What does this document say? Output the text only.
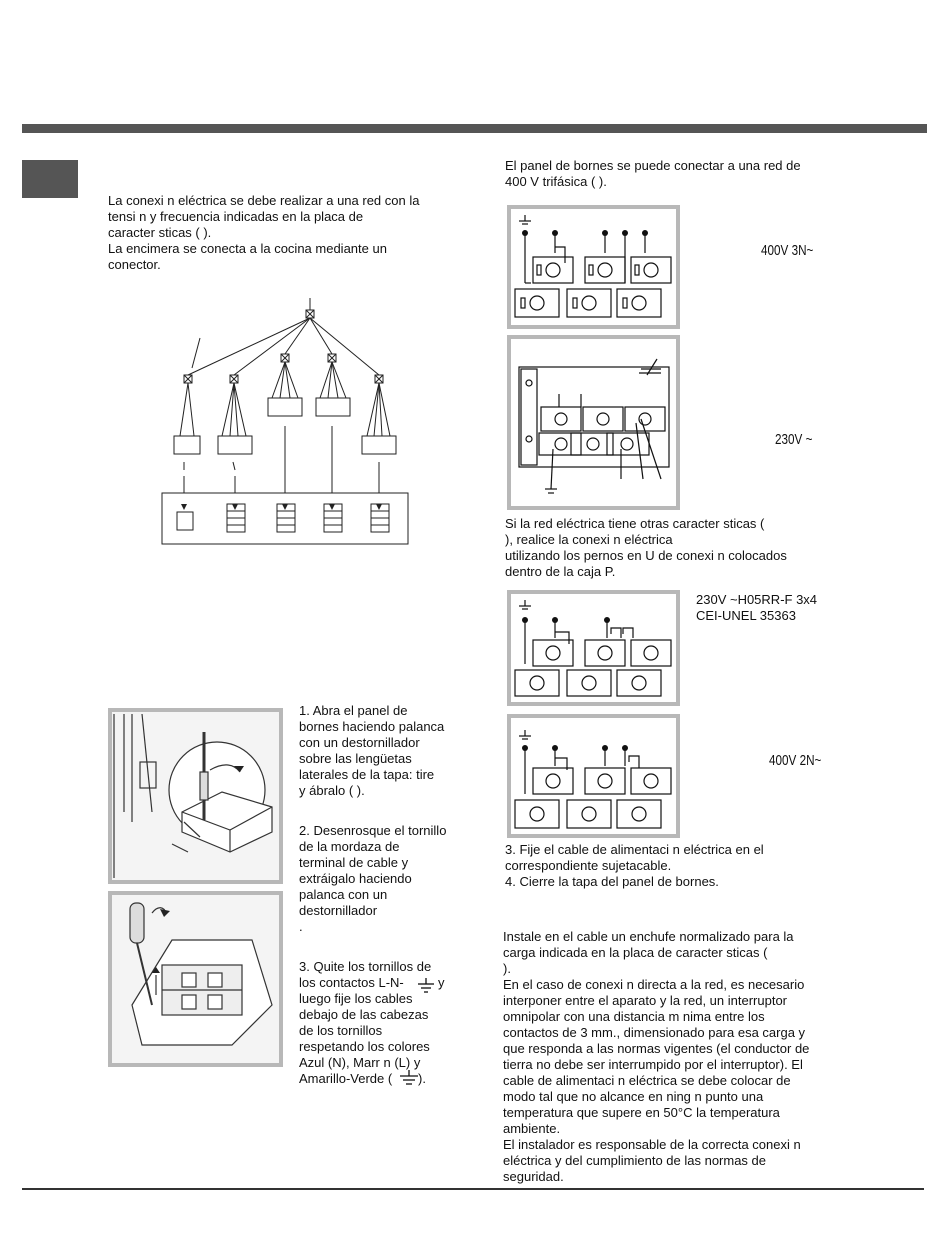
La conexi n eléctrica se debe realizar a una red con la
tensi n y frecuencia indicadas en la placa de
caracter sticas ( ).
La encimera se conecta a la cocina mediante un
conector.
1. Abra el panel de
bornes haciendo palanca
con un destornillador
sobre las lengüetas
laterales de la tapa: tire
y ábralo ( ).
2. Desenrosque el tornillo
de la mordaza de
terminal de cable y
extráigalo haciendo
palanca con un
destornillador
.
3. Quite los tornillos de
los contactos L-N-	y
luego fije los cables
debajo de las cabezas
de los tornillos
respetando los colores
Azul (N), Marr n (L) y
Amarillo-Verde (	).
El panel de bornes se puede conectar a una red de
400 V trifásica ( ).
400V 3N~
230V ~
Si la red eléctrica tiene otras caracter sticas (
), realice la conexi n eléctrica
utilizando los pernos en U de conexi n colocados
dentro de la caja P.
230V ~H05RR-F 3x4
CEI-UNEL 35363
400V 2N~
3. Fije el cable de alimentaci n eléctrica en el
correspondiente sujetacable.
4. Cierre la tapa del panel de bornes.
Instale en el cable un enchufe normalizado para la
carga indicada en la placa de caracter sticas (
).
En el caso de conexi n directa a la red, es necesario
interponer entre el aparato y la red, un interruptor
omnipolar con una distancia m nima entre los
contactos de 3 mm., dimensionado para esa carga y
que responda a las normas vigentes (el conductor de
tierra no debe ser interrumpido por el interruptor). El
cable de alimentaci n eléctrica se debe colocar de
modo tal que no alcance en ning n punto una
temperatura que supere en 50°C la temperatura
ambiente.
El instalador es responsable de la correcta conexi n
eléctrica y del cumplimiento de las normas de
seguridad.
